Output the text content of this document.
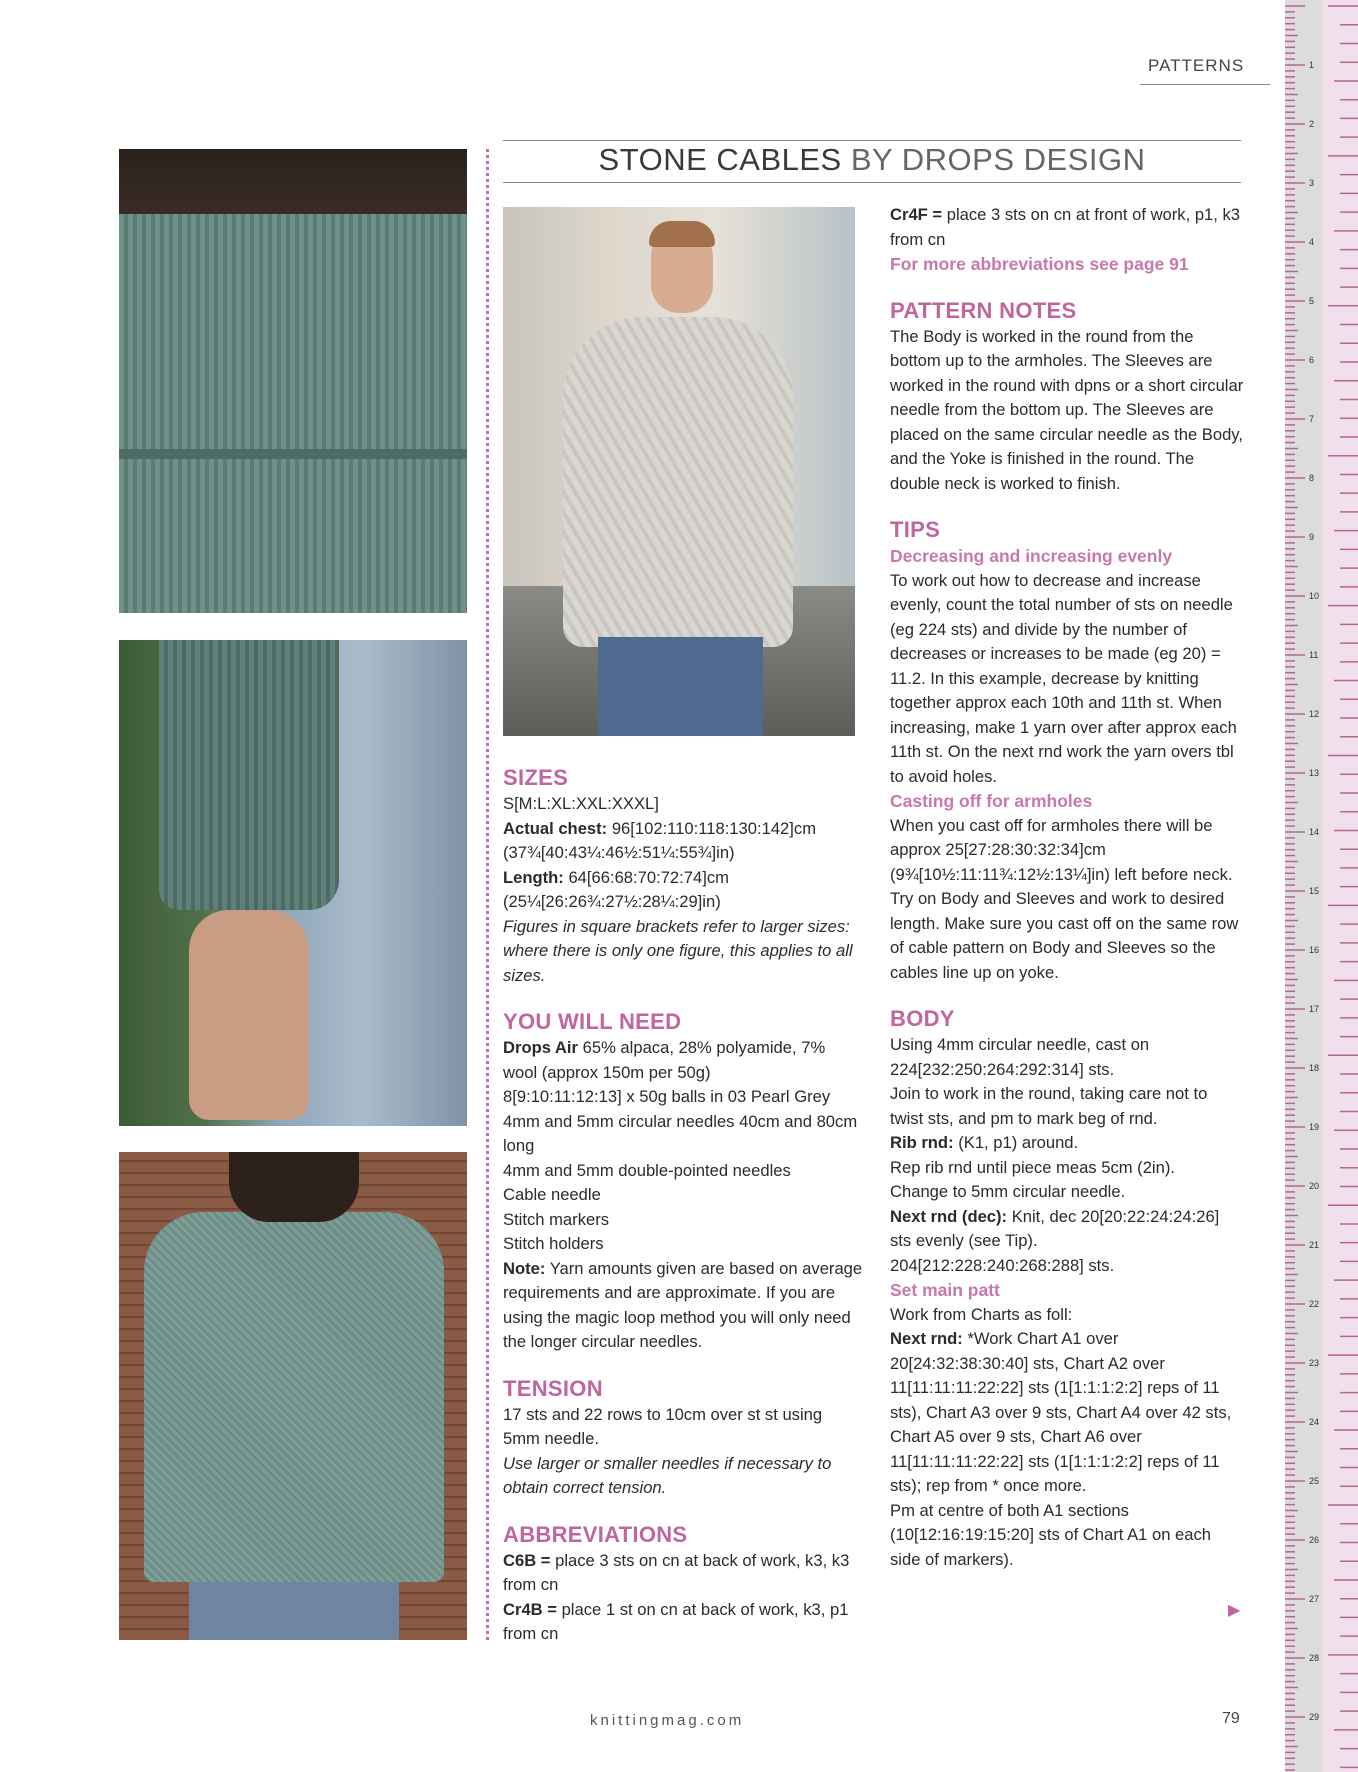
PATTERNS
STONE CABLES BY DROPS DESIGN
SIZES

S[M:L:XL:XXL:XXXL]

Actual chest: 96[102:110:118:130:142]cm (37¾[40:43¼:46½:51¼:55¾]in)

Length: 64[66:68:70:72:74]cm (25¼[26:26¾:27½:28¼:29]in)

Figures in square brackets refer to larger sizes: where there is only one figure, this applies to all sizes.

YOU WILL NEED

Drops Air 65% alpaca, 28% polyamide, 7% wool (approx 150m per 50g)

8[9:10:11:12:13] x 50g balls in 03 Pearl Grey

4mm and 5mm circular needles 40cm and 80cm long

4mm and 5mm double-pointed needles

Cable needle

Stitch markers

Stitch holders

Note: Yarn amounts given are based on average requirements and are approximate. If you are using the magic loop method you will only need the longer circular needles.

TENSION

17 sts and 22 rows to 10cm over st st using 5mm needle.

Use larger or smaller needles if necessary to obtain correct tension.

ABBREVIATIONS

C6B = place 3 sts on cn at back of work, k3, k3 from cn

Cr4B = place 1 st on cn at back of work, k3, p1 from cn

Cr4F = place 3 sts on cn at front of work, p1, k3 from cn

For more abbreviations see page 91

PATTERN NOTES

The Body is worked in the round from the bottom up to the armholes. The Sleeves are worked in the round with dpns or a short circular needle from the bottom up. The Sleeves are placed on the same circular needle as the Body, and the Yoke is finished in the round. The double neck is worked to finish.

TIPS

Decreasing and increasing evenly

To work out how to decrease and increase evenly, count the total number of sts on needle (eg 224 sts) and divide by the number of decreases or increases to be made (eg 20) = 11.2. In this example, decrease by knitting together approx each 10th and 11th st. When increasing, make 1 yarn over after approx each 11th st. On the next rnd work the yarn overs tbl to avoid holes.

Casting off for armholes

When you cast off for armholes there will be approx 25[27:28:30:32:34]cm (9¾[10½:11:11¾:12½:13¼]in) left before neck. Try on Body and Sleeves and work to desired length. Make sure you cast off on the same row of cable pattern on Body and Sleeves so the cables line up on yoke.

BODY

Using 4mm circular needle, cast on 224[232:250:264:292:314] sts.

Join to work in the round, taking care not to twist sts, and pm to mark beg of rnd.

Rib rnd: (K1, p1) around.

Rep rib rnd until piece meas 5cm (2in).

Change to 5mm circular needle.

Next rnd (dec): Knit, dec 20[20:22:24:24:26] sts evenly (see Tip).

204[212:228:240:268:288] sts.

Set main patt

Work from Charts as foll:

Next rnd: *Work Chart A1 over 20[24:32:38:30:40] sts, Chart A2 over 11[11:11:11:22:22] sts (1[1:1:1:2:2] reps of 11 sts), Chart A3 over 9 sts, Chart A4 over 42 sts, Chart A5 over 9 sts, Chart A6 over 11[11:11:11:22:22] sts (1[1:1:1:2:2] reps of 11 sts); rep from * once more.

Pm at centre of both A1 sections (10[12:16:19:15:20] sts of Chart A1 on each side of markers).

▶
knittingmag.com	79
1
2
3
4
5
6
7
8
9
10
11
12
13
14
15
16
17
18
19
20
21
22
23
24
25
26
27
28
29
